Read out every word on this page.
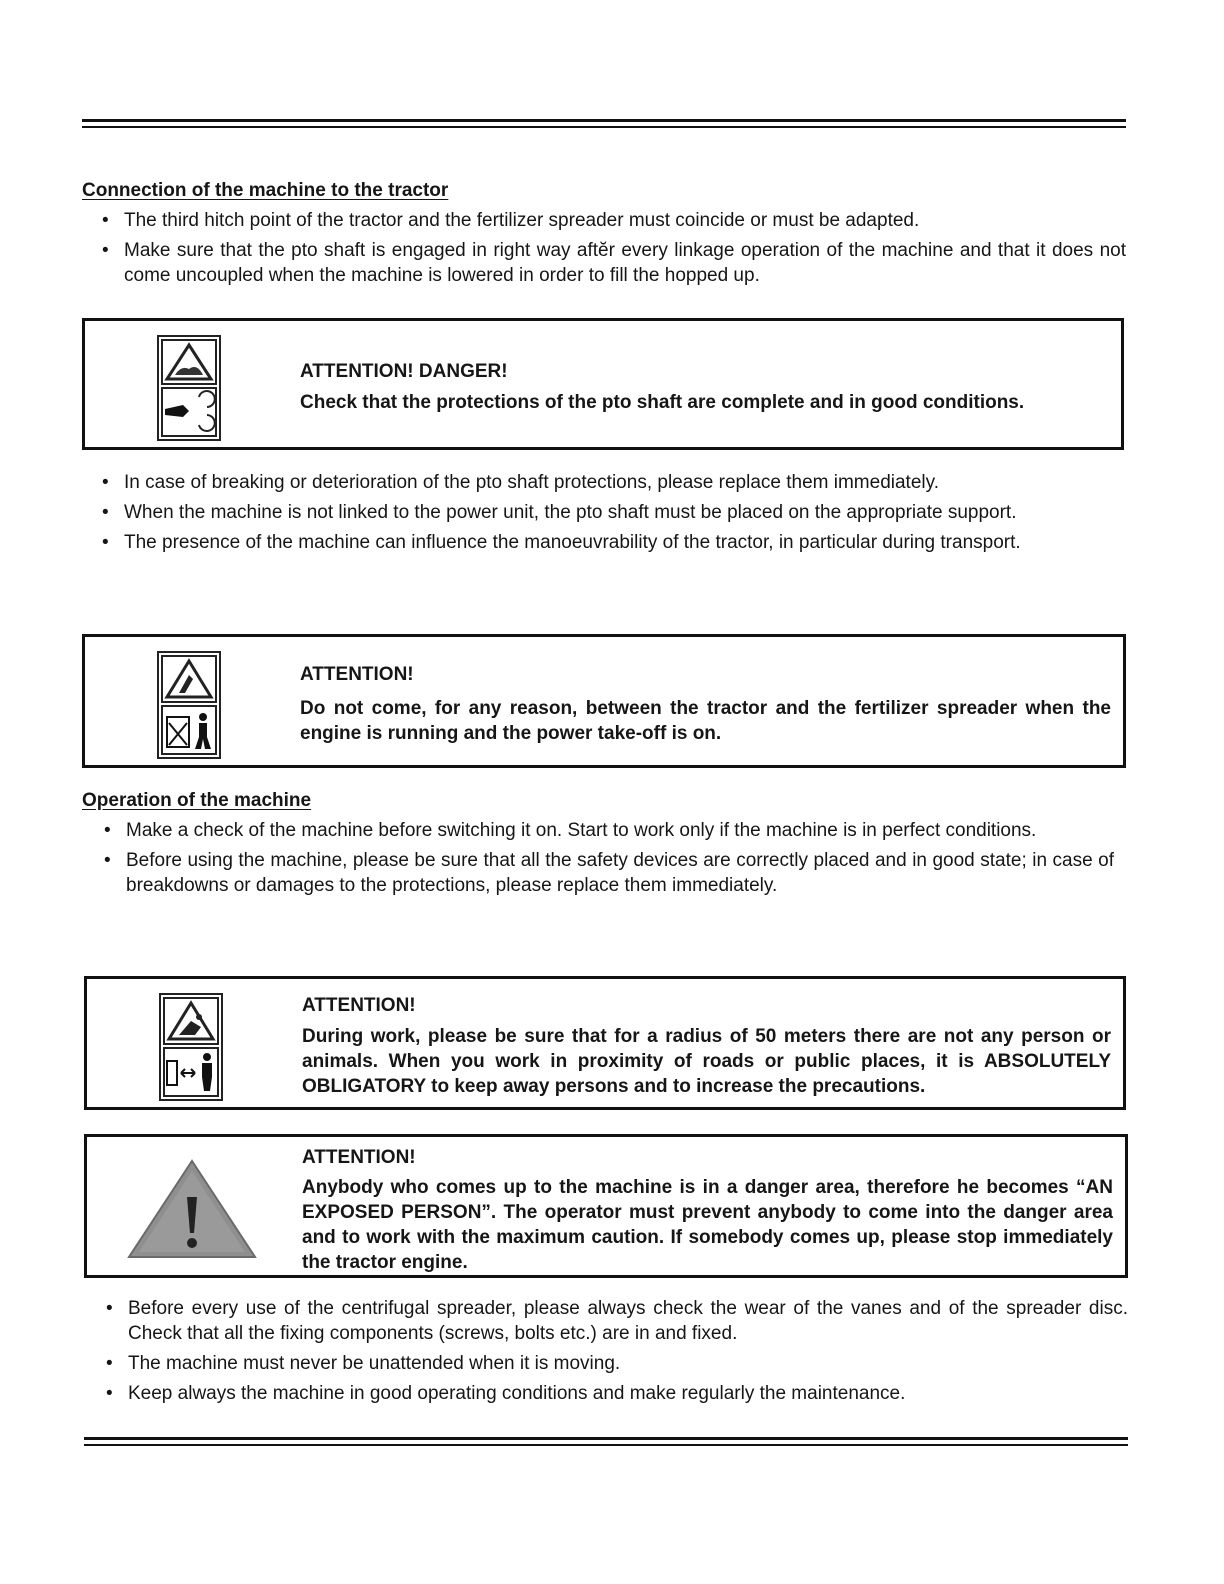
Connection of the machine to the tractor
• The third hitch point of the tractor and the fertilizer spreader must coincide or must be adapted.
• Make sure that the pto shaft is engaged in right way aftĕr every linkage operation of the machine and that it does not come uncoupled when the machine is lowered in order to fill the hopped up.
ATTENTION! DANGER!
Check that the protections of the pto shaft are complete and in good conditions.
• In case of breaking or deterioration of the pto shaft protections, please replace them immediately.
• When the machine is not linked to the power unit, the pto shaft must be placed on the appropriate support.
• The presence of the machine can influence the manoeuvrability of the tractor, in particular during transport.
ATTENTION!
Do not come, for any reason, between the tractor and the fertilizer spreader when the engine is running and the power take-off is on.
Operation of the machine
• Make a check of the machine before switching it on. Start to work only if the machine is in perfect conditions.
• Before using the machine, please be sure that all the safety devices are correctly placed and in good state; in case of breakdowns or damages to the protections, please replace them immediately.
ATTENTION!
During work, please be sure that for a radius of 50 meters there are not any person or animals. When you work in proximity of roads or public places, it is ABSOLUTELY OBLIGATORY to keep away persons and to increase the precautions.
ATTENTION!
Anybody who comes up to the machine is in a danger area, therefore he becomes “AN EXPOSED PERSON”. The operator must prevent anybody to come into the danger area and to work with the maximum caution. If somebody comes up, please stop immediately the tractor engine.
• Before every use of the centrifugal spreader, please always check the wear of the vanes and of the spreader disc. Check that all the fixing components (screws, bolts etc.) are in and fixed.
• The machine must never be unattended when it is moving.
• Keep always the machine in good operating conditions and make regularly the maintenance.
